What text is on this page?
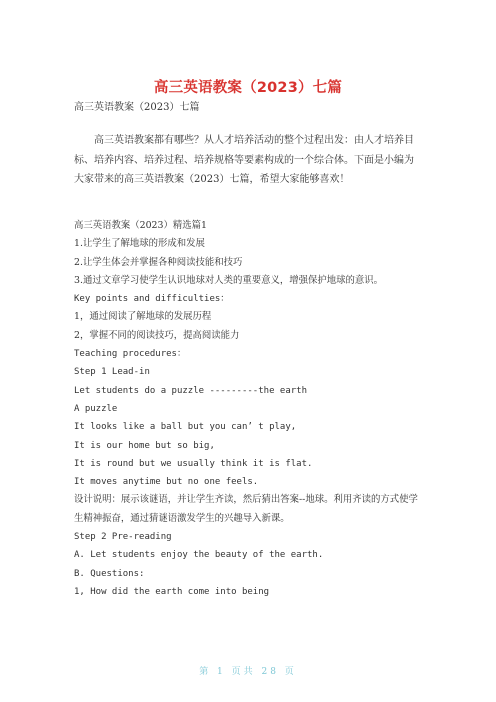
高三英语教案（2023）七篇
高三英语教案（2023）七篇
高三英语教案都有哪些？从人才培养活动的整个过程出发：由人才培养目标、培养内容、培养过程、培养规格等要素构成的一个综合体。下面是小编为大家带来的高三英语教案（2023）七篇，希望大家能够喜欢！
高三英语教案（2023）精选篇1
1.让学生了解地球的形成和发展
2.让学生体会并掌握各种阅读技能和技巧
3.通过文章学习使学生认识地球对人类的重要意义，增强保护地球的意识。
Key points and difficulties：
1，通过阅读了解地球的发展历程
2，掌握不同的阅读技巧，提高阅读能力
Teaching procedures：
Step 1 Lead-in
Let students do a puzzle ---------the earth
A puzzle
It looks like a ball but you can’ t play,
It is our home but so big,
It is round but we usually think it is flat.
It moves anytime but no one feels.
设计说明：展示该谜语，并让学生齐读，然后猜出答案--地球。利用齐读的方式使学生精神振奋，通过猜谜语激发学生的兴趣导入新课。
Step 2 Pre-reading
A. Let students enjoy the beauty of the earth.
B. Questions:
1, How did the earth come into being
第 1 页共 28 页
